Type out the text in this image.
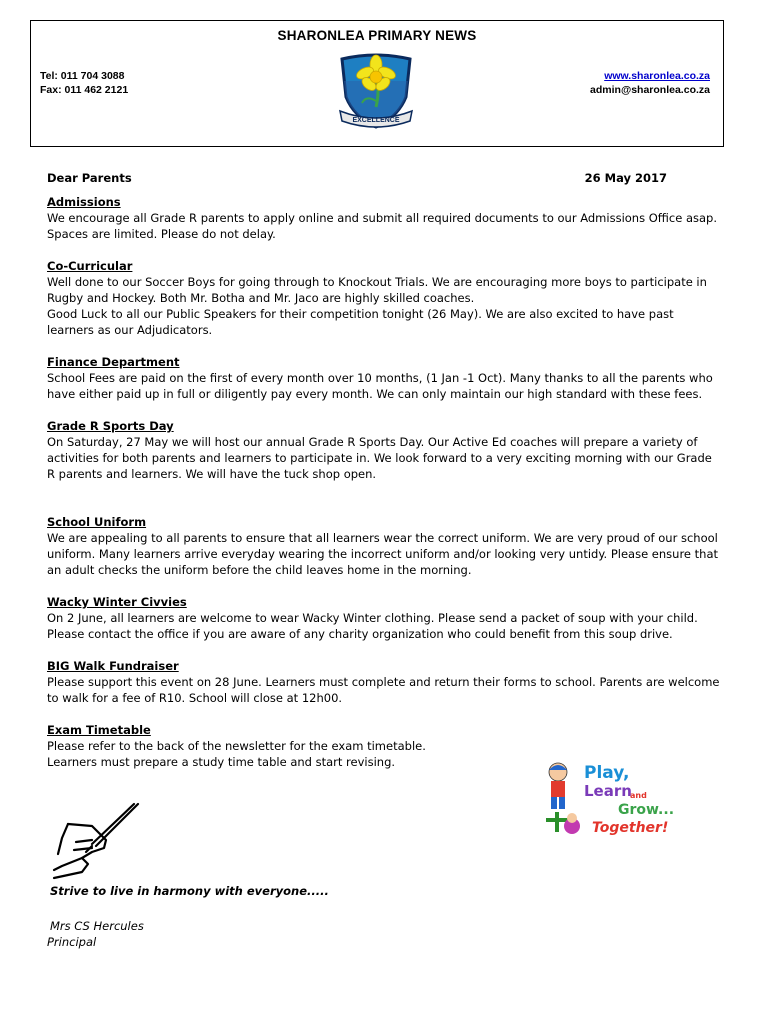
SHARONLEA PRIMARY NEWS
Tel: 011 704 3088
Fax: 011 462 2121
EXCELLENCE
www.sharonlea.co.za
admin@sharonlea.co.za
Dear Parents	26 May 2017
Admissions

We encourage all Grade R parents to apply online and submit all required documents to our Admissions Office asap.

Spaces are limited. Please do not delay.

Co-Curricular

Well done to our Soccer Boys for going through to Knockout Trials. We are encouraging more boys to participate in

Rugby and Hockey. Both Mr. Botha and Mr. Jaco are highly skilled coaches.

Good Luck to all our Public Speakers for their competition tonight (26 May). We are also excited to have past

learners as our Adjudicators.

Finance Department

School Fees are paid on the first of every month over 10 months, (1 Jan -1 Oct). Many thanks to all the parents who

have either paid up in full or diligently pay every month. We can only maintain our high standard with these fees.

Grade R Sports Day

On Saturday, 27 May we will host our annual Grade R Sports Day. Our Active Ed coaches will prepare a variety of

activities for both parents and learners to participate in. We look forward to a very exciting morning with our Grade

R parents and learners. We will have the tuck shop open.

School Uniform

We are appealing to all parents to ensure that all learners wear the correct uniform. We are very proud of our school

uniform. Many learners arrive everyday wearing the incorrect uniform and/or looking very untidy. Please ensure that

an adult checks the uniform before the child leaves home in the morning.

Wacky Winter Civvies

On 2 June, all learners are welcome to wear Wacky Winter clothing. Please send a packet of soup with your child.

Please contact the office if you are aware of any charity organization who could benefit from this soup drive.

BIG Walk Fundraiser

Please support this event on 28 June. Learners must complete and return their forms to school. Parents are welcome

to walk for a fee of R10. School will close at 12h00.

Exam Timetable

Please refer to the back of the newsletter for the exam timetable.

Learners must prepare a study time table and start revising.

Play,
Learn
and
Grow...
Together!
Strive to live in harmony with everyone.....
Mrs CS Hercules
Principal
